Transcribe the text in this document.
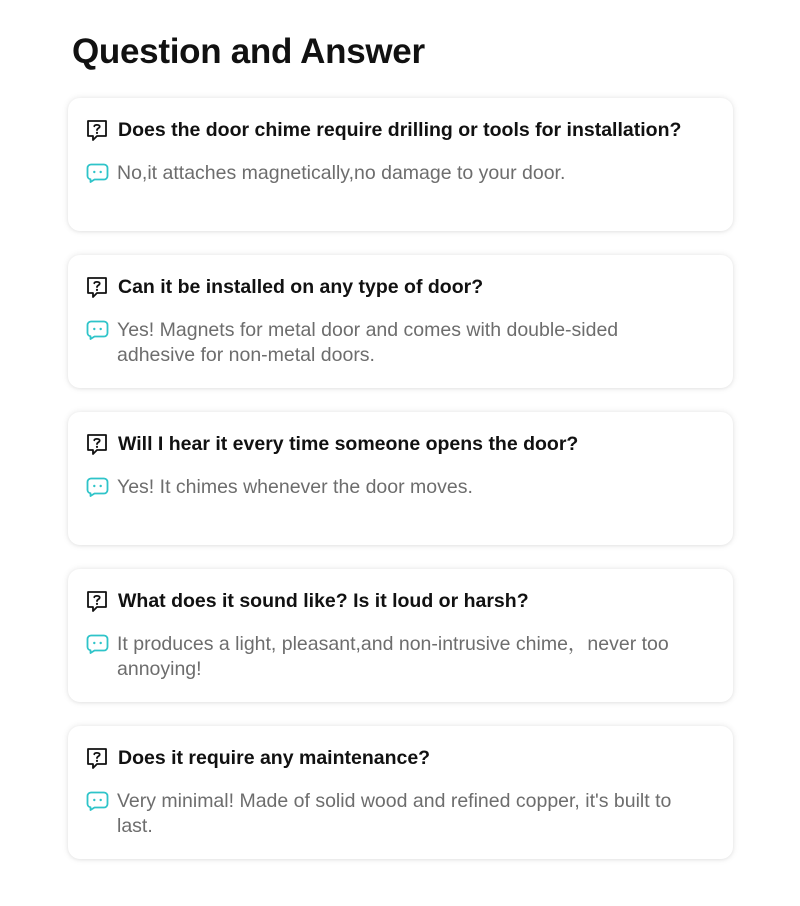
Question and Answer
Does the door chime require drilling or tools for installation?
No,it attaches magnetically,no damage to your door.
Can it be installed on any type of door?
Yes! Magnets for metal door and comes with double-sided adhesive for non-metal doors.
Will I hear it every time someone opens the door?
Yes! It chimes whenever the door moves.
What does it sound like? Is it loud or harsh?
It produces a light, pleasant,and non-intrusive chime，never too annoying!
Does it require any maintenance?
Very minimal! Made of solid wood and refined copper, it's built to last.
